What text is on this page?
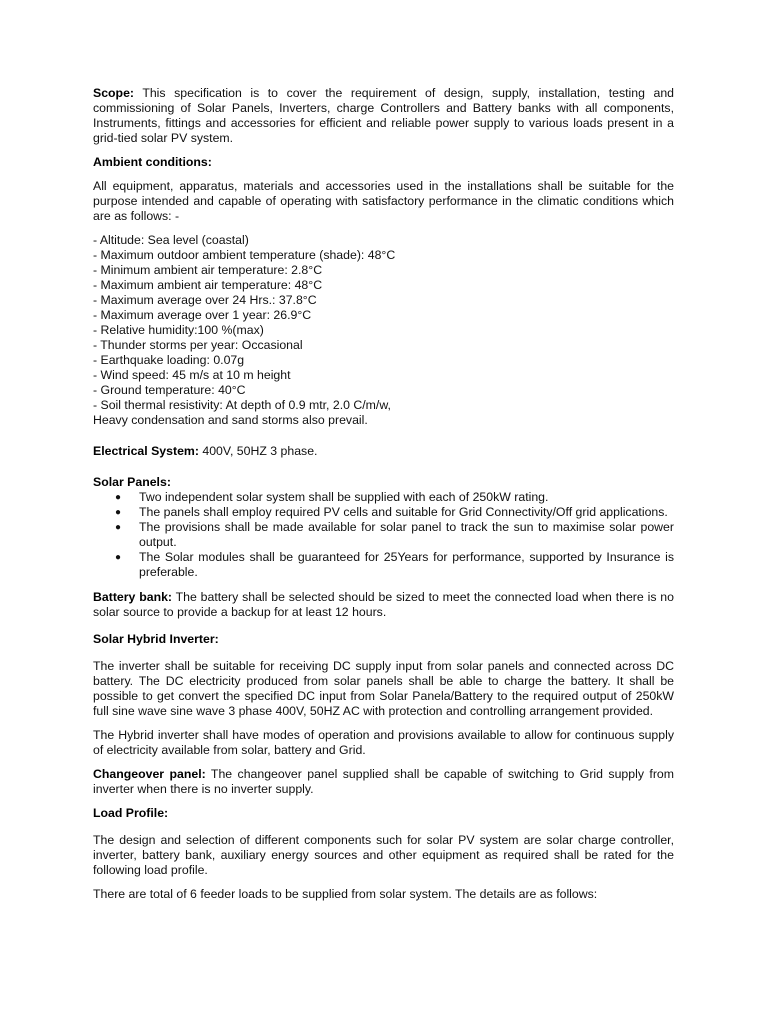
Scope: This specification is to cover the requirement of design, supply, installation, testing and commissioning of Solar Panels, Inverters, charge Controllers and Battery banks with all components, Instruments, fittings and accessories for efficient and reliable power supply to various loads present in a grid-tied solar PV system.

Ambient conditions:

All equipment, apparatus, materials and accessories used in the installations shall be suitable for the purpose intended and capable of operating with satisfactory performance in the climatic conditions which are as follows: -

- Altitude: Sea level (coastal)
- Maximum outdoor ambient temperature (shade): 48°C
- Minimum ambient air temperature: 2.8°C
- Maximum ambient air temperature: 48°C
- Maximum average over 24 Hrs.: 37.8°C
- Maximum average over 1 year: 26.9°C
- Relative humidity:100 %(max)
- Thunder storms per year: Occasional
- Earthquake loading: 0.07g
- Wind speed: 45 m/s at 10 m height
- Ground temperature: 40°C
- Soil thermal resistivity: At depth of 0.9 mtr, 2.0 C/m/w,

Heavy condensation and sand storms also prevail.

Electrical System: 400V, 50HZ 3 phase.

Solar Panels:

● Two independent solar system shall be supplied with each of 250kW rating.
● The panels shall employ required PV cells and suitable for Grid Connectivity/Off grid applications.
● The provisions shall be made available for solar panel to track the sun to maximise solar power output.
● The Solar modules shall be guaranteed for 25Years for performance, supported by Insurance is preferable.

Battery bank: The battery shall be selected should be sized to meet the connected load when there is no solar source to provide a backup for at least 12 hours.

Solar Hybrid Inverter:

The inverter shall be suitable for receiving DC supply input from solar panels and connected across DC battery. The DC electricity produced from solar panels shall be able to charge the battery. It shall be possible to get convert the specified DC input from Solar Panela/Battery to the required output of 250kW full sine wave sine wave 3 phase 400V, 50HZ AC with protection and controlling arrangement provided.

The Hybrid inverter shall have modes of operation and provisions available to allow for continuous supply of electricity available from solar, battery and Grid.

Changeover panel: The changeover panel supplied shall be capable of switching to Grid supply from inverter when there is no inverter supply.

Load Profile:

The design and selection of different components such for solar PV system are solar charge controller, inverter, battery bank, auxiliary energy sources and other equipment as required shall be rated for the following load profile.

There are total of 6 feeder loads to be supplied from solar system. The details are as follows:
